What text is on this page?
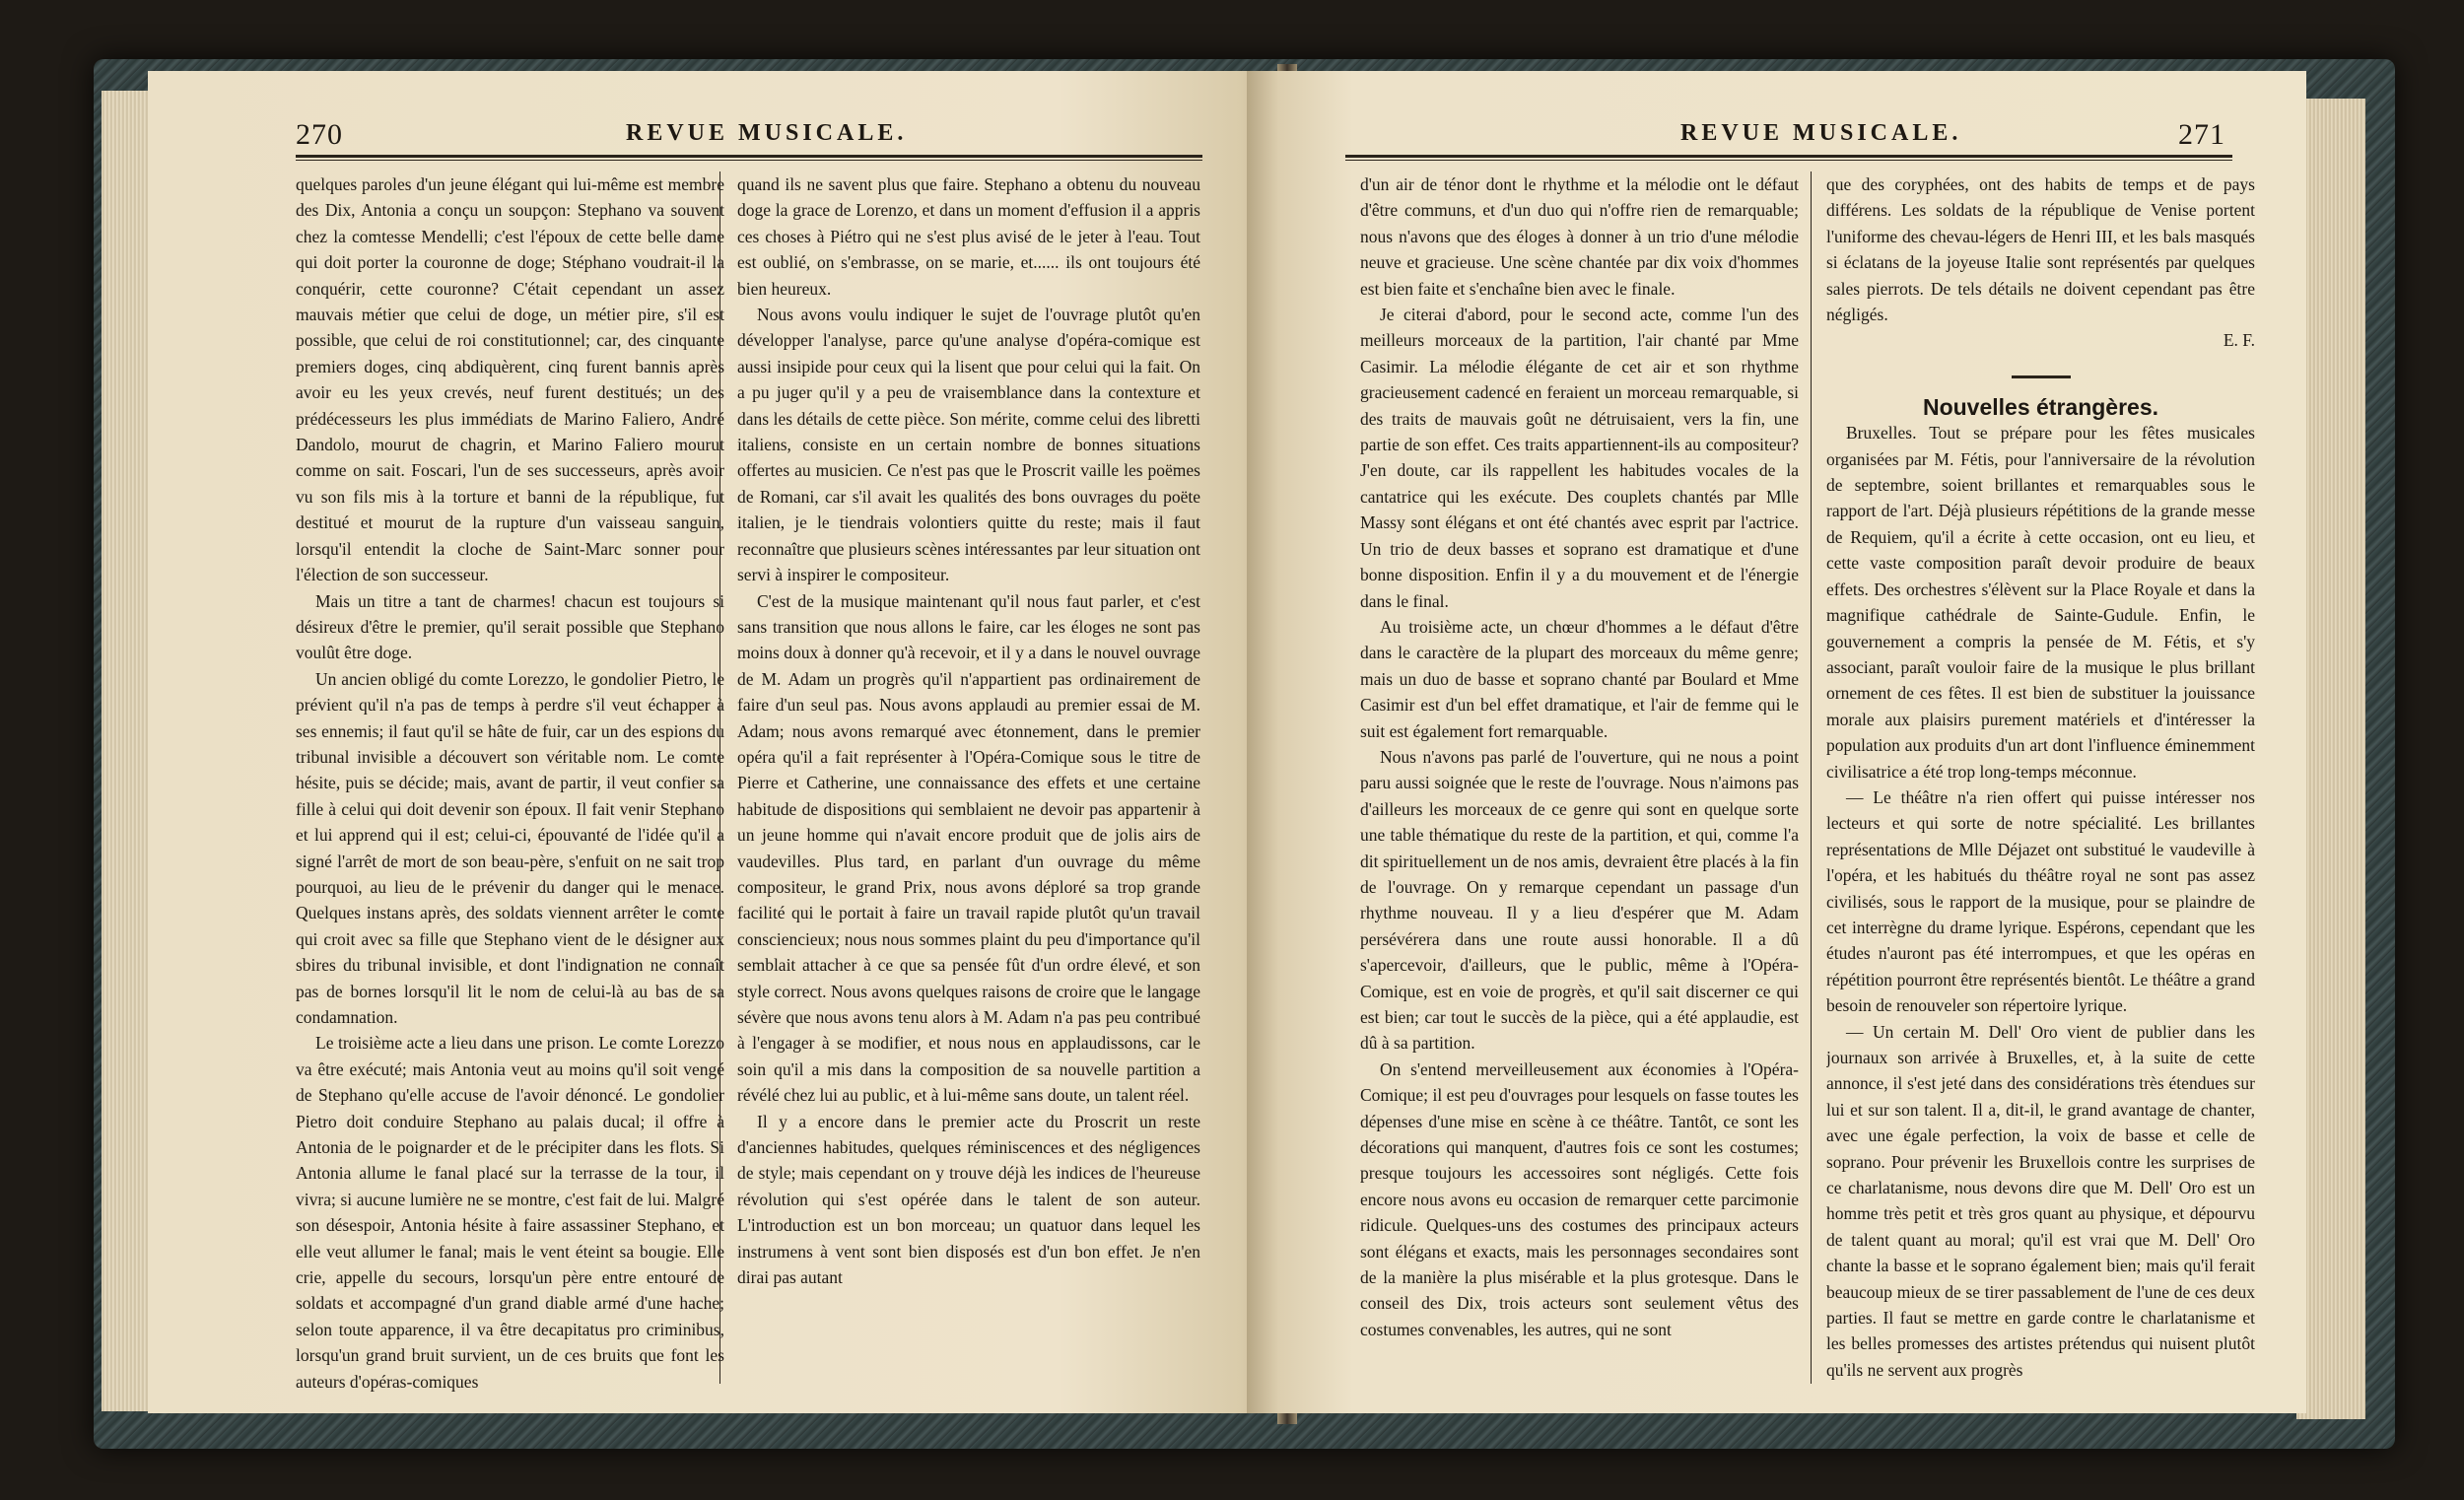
270	REVUE MUSICALE.

quelques paroles d'un jeune élégant qui lui-même est membre des Dix, Antonia a conçu un soupçon: Stephano va souvent chez la comtesse Mendelli; c'est l'époux de cette belle dame qui doit porter la couronne de doge; Stéphano voudrait-il la conquérir, cette couronne? C'était cependant un assez mauvais métier que celui de doge, un métier pire, s'il est possible, que celui de roi constitutionnel; car, des cinquante premiers doges, cinq abdiquèrent, cinq furent bannis après avoir eu les yeux crevés, neuf furent destitués; un des prédécesseurs les plus immédiats de Marino Faliero, André Dandolo, mourut de chagrin, et Marino Faliero mourut comme on sait. Foscari, l'un de ses successeurs, après avoir vu son fils mis à la torture et banni de la république, fut destitué et mourut de la rupture d'un vaisseau sanguin, lorsqu'il entendit la cloche de Saint-Marc sonner pour l'élection de son successeur.

Mais un titre a tant de charmes! chacun est toujours si désireux d'être le premier, qu'il serait possible que Stephano voulût être doge.

Un ancien obligé du comte Lorezzo, le gondolier Pietro, le prévient qu'il n'a pas de temps à perdre s'il veut échapper à ses ennemis; il faut qu'il se hâte de fuir, car un des espions du tribunal invisible a découvert son véritable nom. Le comte hésite, puis se décide; mais, avant de partir, il veut confier sa fille à celui qui doit devenir son époux. Il fait venir Stephano et lui apprend qui il est; celui-ci, épouvanté de l'idée qu'il a signé l'arrêt de mort de son beau-père, s'enfuit on ne sait trop pourquoi, au lieu de le prévenir du danger qui le menace. Quelques instans après, des soldats viennent arrêter le comte qui croit avec sa fille que Stephano vient de le désigner aux sbires du tribunal invisible, et dont l'indignation ne connaît pas de bornes lorsqu'il lit le nom de celui-là au bas de sa condamnation.

Le troisième acte a lieu dans une prison. Le comte Lorezzo va être exécuté; mais Antonia veut au moins qu'il soit vengé de Stephano qu'elle accuse de l'avoir dénoncé. Le gondolier Pietro doit conduire Stephano au palais ducal; il offre à Antonia de le poignarder et de le précipiter dans les flots. Si Antonia allume le fanal placé sur la terrasse de la tour, il vivra; si aucune lumière ne se montre, c'est fait de lui. Malgré son désespoir, Antonia hésite à faire assassiner Stephano, et elle veut allumer le fanal; mais le vent éteint sa bougie. Elle crie, appelle du secours, lorsqu'un père entre entouré de soldats et accompagné d'un grand diable armé d'une hache; selon toute apparence, il va être decapitatus pro criminibus, lorsqu'un grand bruit survient, un de ces bruits que font les auteurs d'opéras-comiques

quand ils ne savent plus que faire. Stephano a obtenu du nouveau doge la grace de Lorenzo, et dans un moment d'effusion il a appris ces choses à Piétro qui ne s'est plus avisé de le jeter à l'eau. Tout est oublié, on s'embrasse, on se marie, et...... ils ont toujours été bien heureux.

Nous avons voulu indiquer le sujet de l'ouvrage plutôt qu'en développer l'analyse, parce qu'une analyse d'opéra-comique est aussi insipide pour ceux qui la lisent que pour celui qui la fait. On a pu juger qu'il y a peu de vraisemblance dans la contexture et dans les détails de cette pièce. Son mérite, comme celui des libretti italiens, consiste en un certain nombre de bonnes situations offertes au musicien. Ce n'est pas que le Proscrit vaille les poëmes de Romani, car s'il avait les qualités des bons ouvrages du poëte italien, je le tiendrais volontiers quitte du reste; mais il faut reconnaître que plusieurs scènes intéressantes par leur situation ont servi à inspirer le compositeur.

C'est de la musique maintenant qu'il nous faut parler, et c'est sans transition que nous allons le faire, car les éloges ne sont pas moins doux à donner qu'à recevoir, et il y a dans le nouvel ouvrage de M. Adam un progrès qu'il n'appartient pas ordinairement de faire d'un seul pas. Nous avons applaudi au premier essai de M. Adam; nous avons remarqué avec étonnement, dans le premier opéra qu'il a fait représenter à l'Opéra-Comique sous le titre de Pierre et Catherine, une connaissance des effets et une certaine habitude de dispositions qui semblaient ne devoir pas appartenir à un jeune homme qui n'avait encore produit que de jolis airs de vaudevilles. Plus tard, en parlant d'un ouvrage du même compositeur, le grand Prix, nous avons déploré sa trop grande facilité qui le portait à faire un travail rapide plutôt qu'un travail consciencieux; nous nous sommes plaint du peu d'importance qu'il semblait attacher à ce que sa pensée fût d'un ordre élevé, et son style correct. Nous avons quelques raisons de croire que le langage sévère que nous avons tenu alors à M. Adam n'a pas peu contribué à l'engager à se modifier, et nous nous en applaudissons, car le soin qu'il a mis dans la composition de sa nouvelle partition a révélé chez lui au public, et à lui-même sans doute, un talent réel.

Il y a encore dans le premier acte du Proscrit un reste d'anciennes habitudes, quelques réminiscences et des négligences de style; mais cependant on y trouve déjà les indices de l'heureuse révolution qui s'est opérée dans le talent de son auteur. L'introduction est un bon morceau; un quatuor dans lequel les instrumens à vent sont bien disposés est d'un bon effet. Je n'en dirai pas autant

REVUE MUSICALE.	271

d'un air de ténor dont le rhythme et la mélodie ont le défaut d'être communs, et d'un duo qui n'offre rien de remarquable; nous n'avons que des éloges à donner à un trio d'une mélodie neuve et gracieuse. Une scène chantée par dix voix d'hommes est bien faite et s'enchaîne bien avec le finale.

Je citerai d'abord, pour le second acte, comme l'un des meilleurs morceaux de la partition, l'air chanté par Mme Casimir. La mélodie élégante de cet air et son rhythme gracieusement cadencé en feraient un morceau remarquable, si des traits de mauvais goût ne détruisaient, vers la fin, une partie de son effet. Ces traits appartiennent-ils au compositeur? J'en doute, car ils rappellent les habitudes vocales de la cantatrice qui les exécute. Des couplets chantés par Mlle Massy sont élégans et ont été chantés avec esprit par l'actrice. Un trio de deux basses et soprano est dramatique et d'une bonne disposition. Enfin il y a du mouvement et de l'énergie dans le final.

Au troisième acte, un chœur d'hommes a le défaut d'être dans le caractère de la plupart des morceaux du même genre; mais un duo de basse et soprano chanté par Boulard et Mme Casimir est d'un bel effet dramatique, et l'air de femme qui le suit est également fort remarquable.

Nous n'avons pas parlé de l'ouverture, qui ne nous a point paru aussi soignée que le reste de l'ouvrage. Nous n'aimons pas d'ailleurs les morceaux de ce genre qui sont en quelque sorte une table thématique du reste de la partition, et qui, comme l'a dit spirituellement un de nos amis, devraient être placés à la fin de l'ouvrage. On y remarque cependant un passage d'un rhythme nouveau. Il y a lieu d'espérer que M. Adam persévérera dans une route aussi honorable. Il a dû s'apercevoir, d'ailleurs, que le public, même à l'Opéra-Comique, est en voie de progrès, et qu'il sait discerner ce qui est bien; car tout le succès de la pièce, qui a été applaudie, est dû à sa partition.

On s'entend merveilleusement aux économies à l'Opéra-Comique; il est peu d'ouvrages pour lesquels on fasse toutes les dépenses d'une mise en scène à ce théâtre. Tantôt, ce sont les décorations qui manquent, d'autres fois ce sont les costumes; presque toujours les accessoires sont négligés. Cette fois encore nous avons eu occasion de remarquer cette parcimonie ridicule. Quelques-uns des costumes des principaux acteurs sont élégans et exacts, mais les personnages secondaires sont de la manière la plus misérable et la plus grotesque. Dans le conseil des Dix, trois acteurs sont seulement vêtus des costumes convenables, les autres, qui ne sont

que des coryphées, ont des habits de temps et de pays différens. Les soldats de la république de Venise portent l'uniforme des chevau-légers de Henri III, et les bals masqués si éclatans de la joyeuse Italie sont représentés par quelques sales pierrots. De tels détails ne doivent cependant pas être négligés.

E. F.

Nouvelles étrangères.

Bruxelles. Tout se prépare pour les fêtes musicales organisées par M. Fétis, pour l'anniversaire de la révolution de septembre, soient brillantes et remarquables sous le rapport de l'art. Déjà plusieurs répétitions de la grande messe de Requiem, qu'il a écrite à cette occasion, ont eu lieu, et cette vaste composition paraît devoir produire de beaux effets. Des orchestres s'élèvent sur la Place Royale et dans la magnifique cathédrale de Sainte-Gudule. Enfin, le gouvernement a compris la pensée de M. Fétis, et s'y associant, paraît vouloir faire de la musique le plus brillant ornement de ces fêtes. Il est bien de substituer la jouissance morale aux plaisirs purement matériels et d'intéresser la population aux produits d'un art dont l'influence éminemment civilisatrice a été trop long-temps méconnue.

— Le théâtre n'a rien offert qui puisse intéresser nos lecteurs et qui sorte de notre spécialité. Les brillantes représentations de Mlle Déjazet ont substitué le vaudeville à l'opéra, et les habitués du théâtre royal ne sont pas assez civilisés, sous le rapport de la musique, pour se plaindre de cet interrègne du drame lyrique. Espérons, cependant que les études n'auront pas été interrompues, et que les opéras en répétition pourront être représentés bientôt. Le théâtre a grand besoin de renouveler son répertoire lyrique.

— Un certain M. Dell' Oro vient de publier dans les journaux son arrivée à Bruxelles, et, à la suite de cette annonce, il s'est jeté dans des considérations très étendues sur lui et sur son talent. Il a, dit-il, le grand avantage de chanter, avec une égale perfection, la voix de basse et celle de soprano. Pour prévenir les Bruxellois contre les surprises de ce charlatanisme, nous devons dire que M. Dell' Oro est un homme très petit et très gros quant au physique, et dépourvu de talent quant au moral; qu'il est vrai que M. Dell' Oro chante la basse et le soprano également bien; mais qu'il ferait beaucoup mieux de se tirer passablement de l'une de ces deux parties. Il faut se mettre en garde contre le charlatanisme et les belles promesses des artistes prétendus qui nuisent plutôt qu'ils ne servent aux progrès
